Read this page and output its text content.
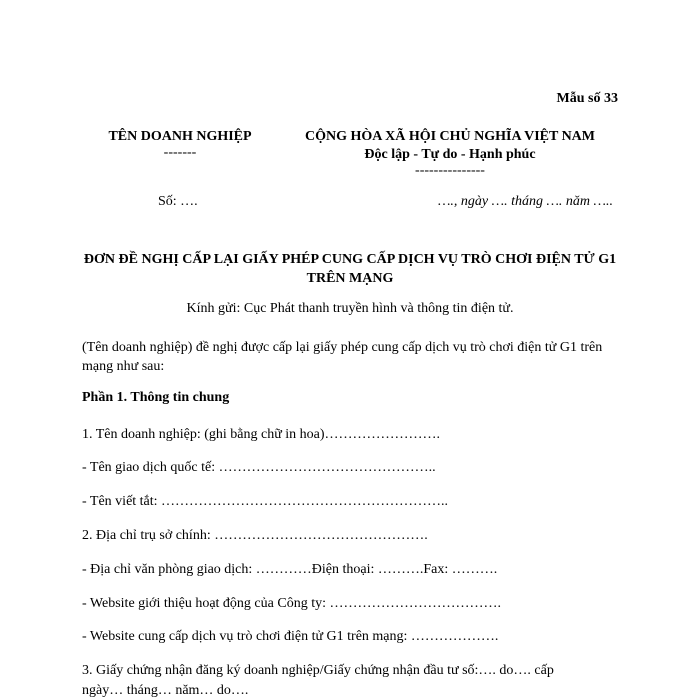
Mẫu số 33
TÊN DOANH NGHIỆP
-------
CỘNG HÒA XÃ HỘI CHỦ NGHĨA VIỆT NAM
Độc lập - Tự do - Hạnh phúc
---------------
Số: ….	…., ngày …. tháng …. năm …..
ĐƠN ĐỀ NGHỊ CẤP LẠI GIẤY PHÉP CUNG CẤP DỊCH VỤ TRÒ CHƠI ĐIỆN TỬ G1 TRÊN MẠNG
Kính gửi: Cục Phát thanh truyền hình và thông tin điện tử.
(Tên doanh nghiệp) đề nghị được cấp lại giấy phép cung cấp dịch vụ trò chơi điện tử G1 trên mạng như sau:
Phần 1. Thông tin chung
1. Tên doanh nghiệp: (ghi bằng chữ in hoa)…………………….
- Tên giao dịch quốc tế: ………………………………………..
- Tên viết tắt: ……………………………………………………..
2. Địa chỉ trụ sở chính: ……………………………………….
- Địa chỉ văn phòng giao dịch: …………Điện thoại: ……….Fax: ……….
- Website giới thiệu hoạt động của Công ty: ……………………………….
- Website cung cấp dịch vụ trò chơi điện tử G1 trên mạng: ……………….
3. Giấy chứng nhận đăng ký doanh nghiệp/Giấy chứng nhận đầu tư số:…. do…. cấp
ngày… tháng… năm… do….
